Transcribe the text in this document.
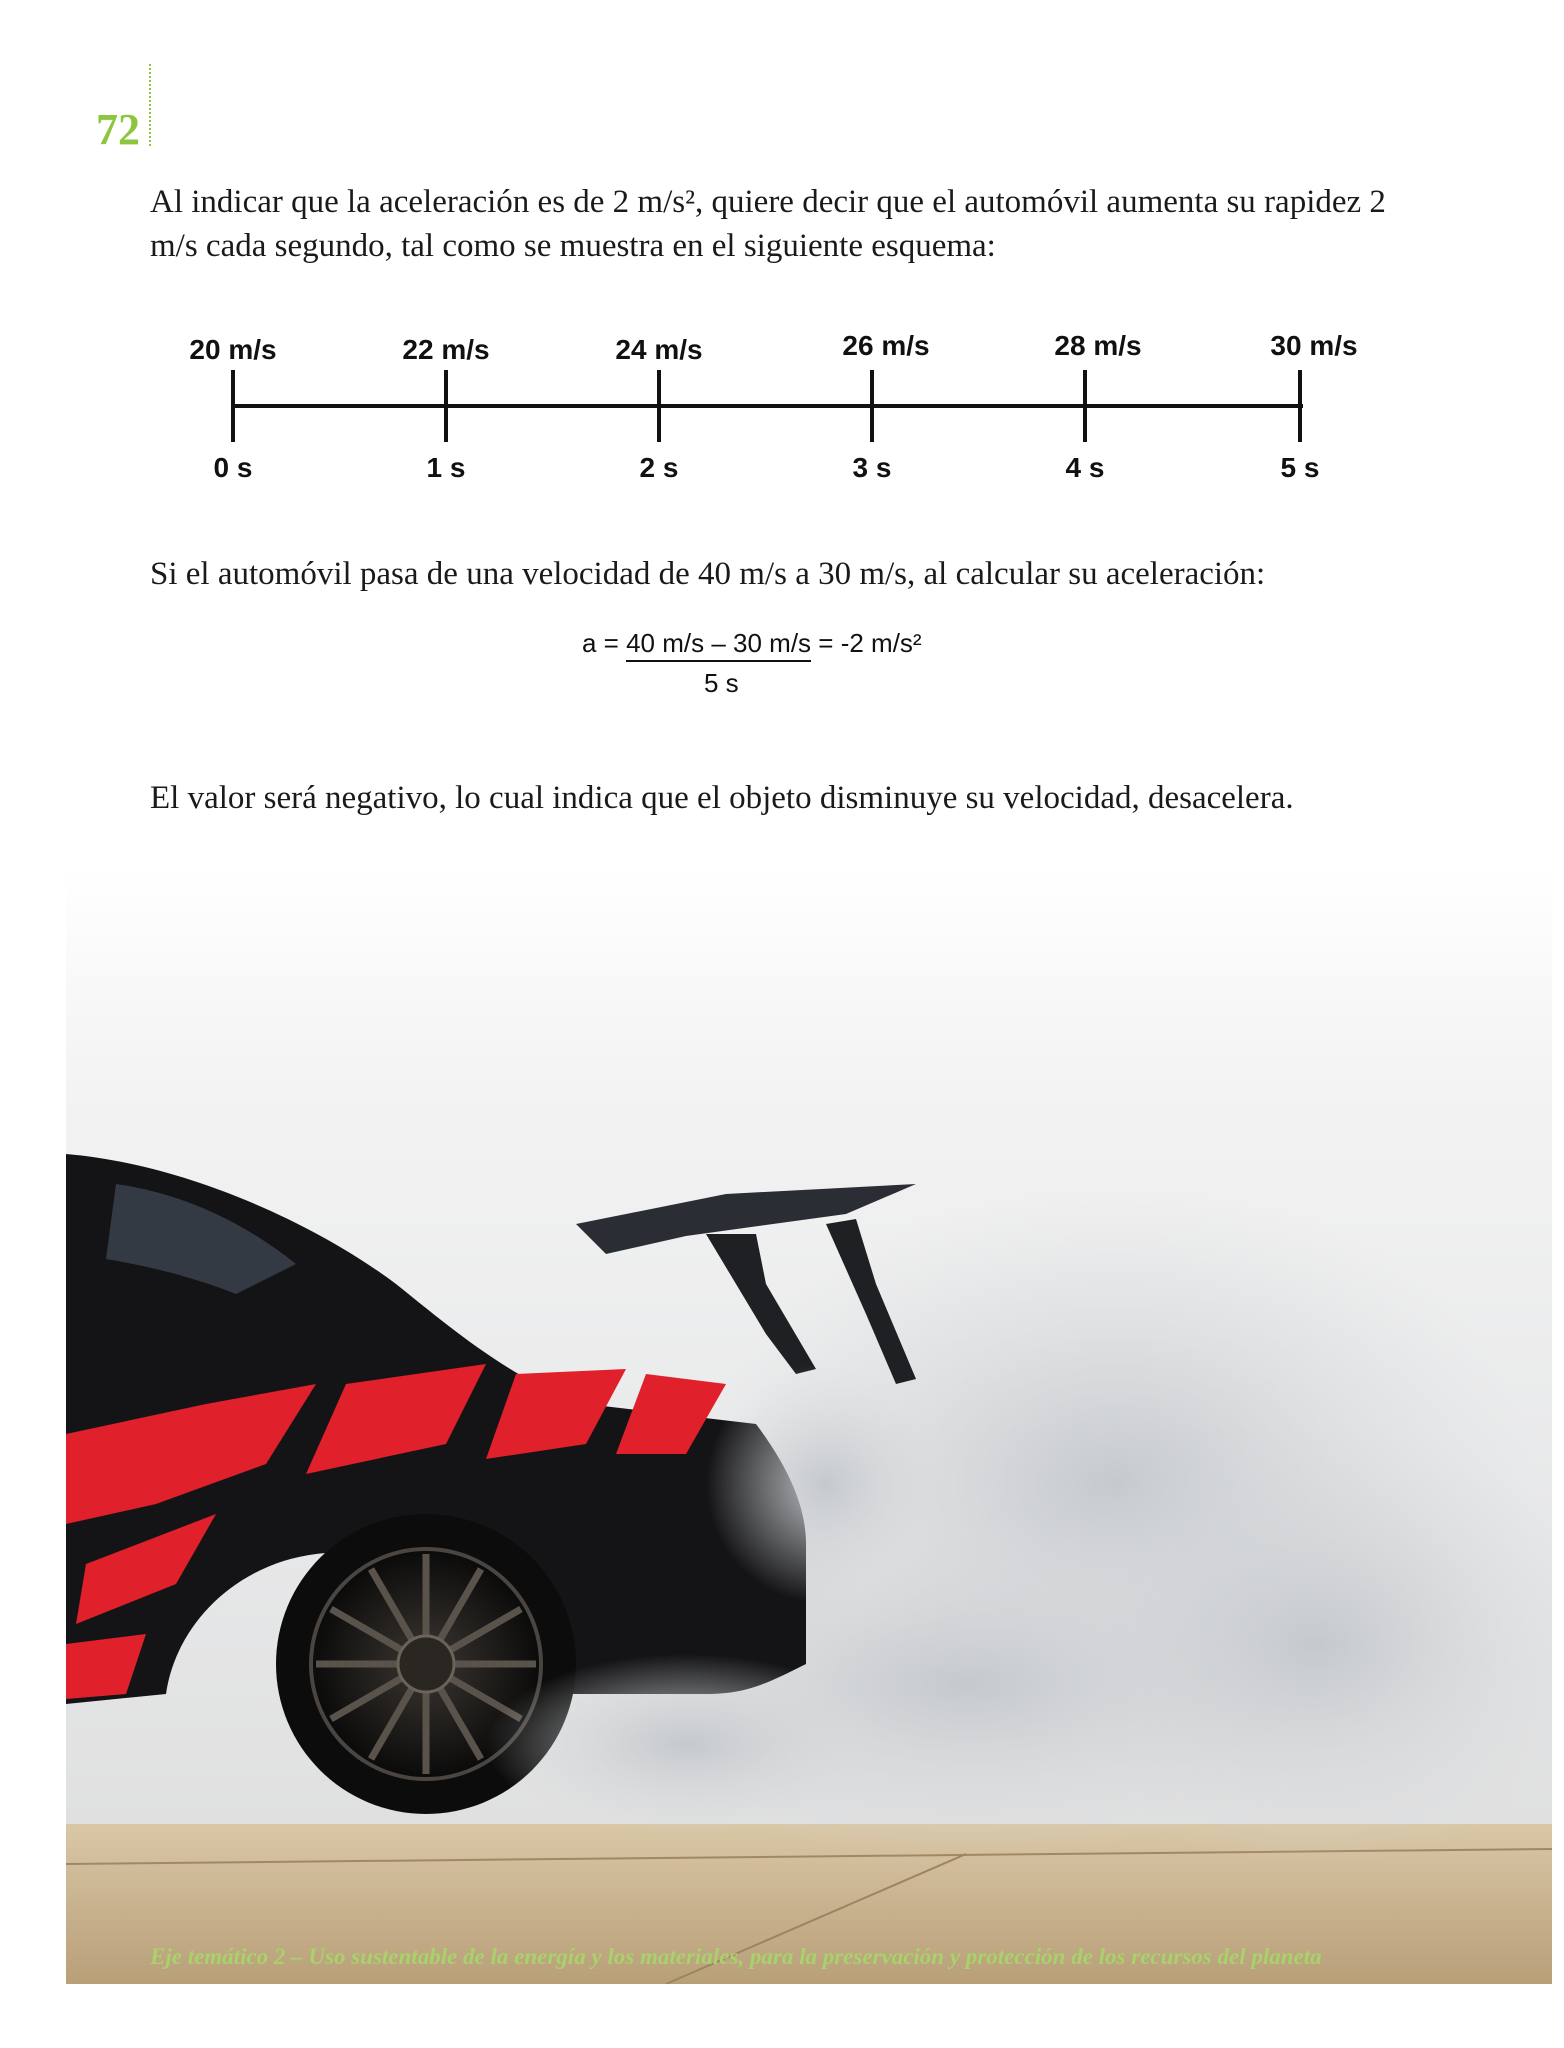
72

Al indicar que la aceleración es de 2 m/s², quiere decir que el automóvil aumenta su rapidez 2 m/s cada segundo, tal como se muestra en el siguiente esquema:

20 m/s	22 m/s	24 m/s	26 m/s	28 m/s	30 m/s
0 s	1 s	2 s	3 s	4 s	5 s

Si el automóvil pasa de una velocidad de 40 m/s a 30 m/s, al calcular su aceleración:

a = 40 m/s – 30 m/s = -2 m/s²
5 s

El valor será negativo, lo cual indica que el objeto disminuye su velocidad, desacelera.

Eje temático 2 – Uso sustentable de la energía y los materiales, para la preservación y protección de los recursos del planeta
